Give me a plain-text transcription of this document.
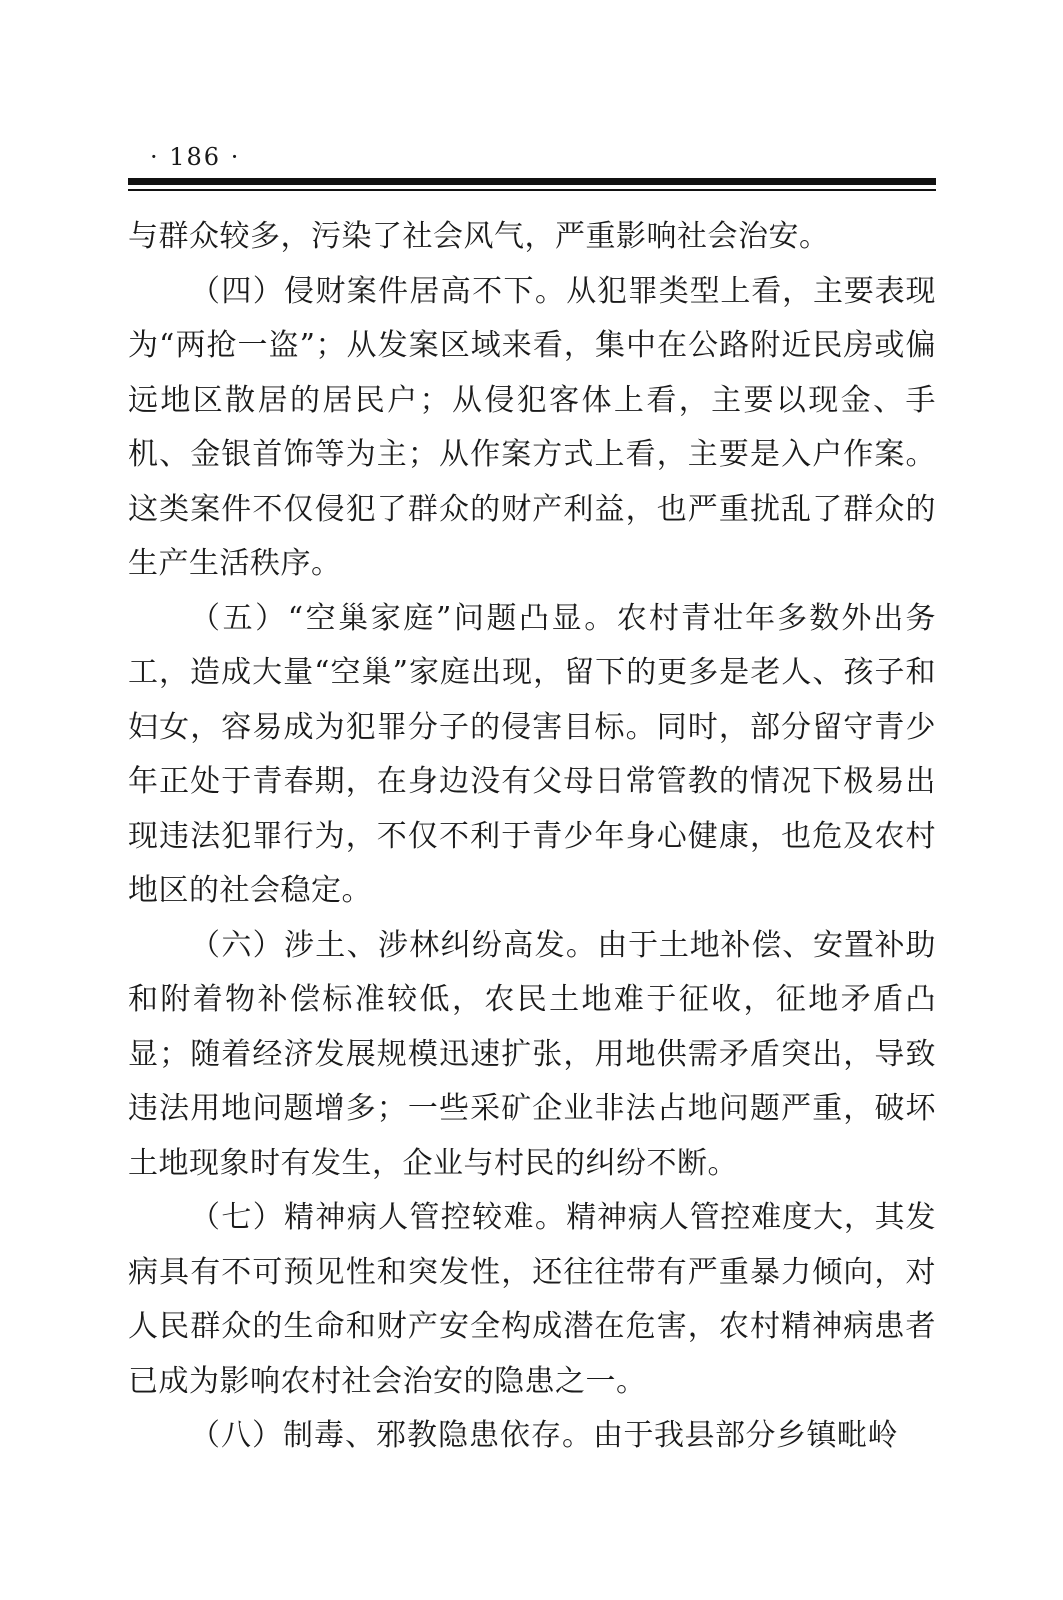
· 186 ·

与群众较多，污染了社会风气，严重影响社会治安。

（四）侵财案件居高不下。从犯罪类型上看，主要表现为“两抢一盗”；从发案区域来看，集中在公路附近民房或偏远地区散居的居民户；从侵犯客体上看，主要以现金、手机、金银首饰等为主；从作案方式上看，主要是入户作案。这类案件不仅侵犯了群众的财产利益，也严重扰乱了群众的生产生活秩序。

（五）“空巢家庭”问题凸显。农村青壮年多数外出务工，造成大量“空巢”家庭出现，留下的更多是老人、孩子和妇女，容易成为犯罪分子的侵害目标。同时，部分留守青少年正处于青春期，在身边没有父母日常管教的情况下极易出现违法犯罪行为，不仅不利于青少年身心健康，也危及农村地区的社会稳定。

（六）涉土、涉林纠纷高发。由于土地补偿、安置补助和附着物补偿标准较低，农民土地难于征收，征地矛盾凸显；随着经济发展规模迅速扩张，用地供需矛盾突出，导致违法用地问题增多；一些采矿企业非法占地问题严重，破坏土地现象时有发生，企业与村民的纠纷不断。

（七）精神病人管控较难。精神病人管控难度大，其发病具有不可预见性和突发性，还往往带有严重暴力倾向，对人民群众的生命和财产安全构成潜在危害，农村精神病患者已成为影响农村社会治安的隐患之一。

（八）制毒、邪教隐患依存。由于我县部分乡镇毗岭
